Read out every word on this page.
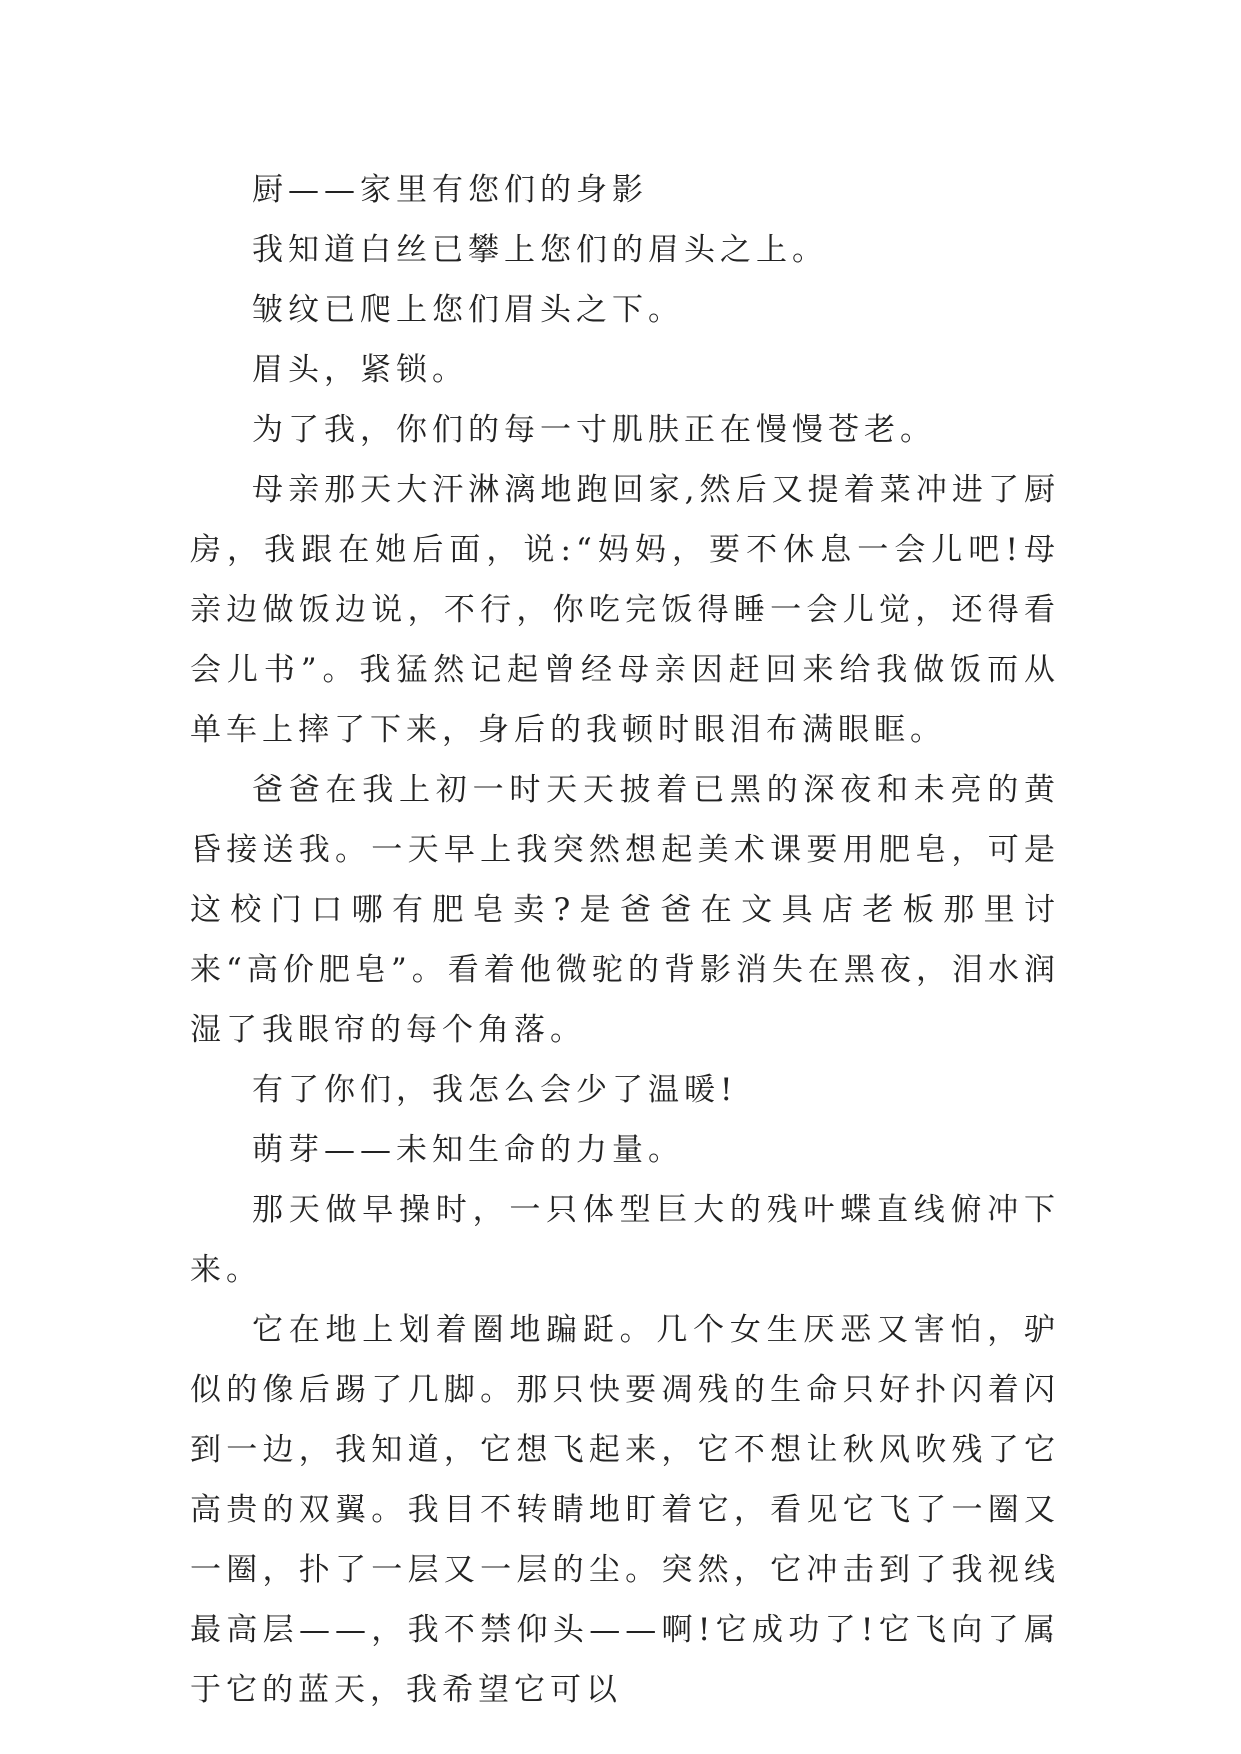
厨——家里有您们的身影

我知道白丝已攀上您们的眉头之上。

皱纹已爬上您们眉头之下。

眉头，紧锁。

为了我，你们的每一寸肌肤正在慢慢苍老。

母亲那天大汗淋漓地跑回家,然后又提着菜冲进了厨房，我跟在她后面，说:“妈妈，要不休息一会儿吧!母亲边做饭边说，不行，你吃完饭得睡一会儿觉，还得看会儿书”。我猛然记起曾经母亲因赶回来给我做饭而从单车上摔了下来，身后的我顿时眼泪布满眼眶。

爸爸在我上初一时天天披着已黑的深夜和未亮的黄昏接送我。一天早上我突然想起美术课要用肥皂，可是这校门口哪有肥皂卖?是爸爸在文具店老板那里讨来“高价肥皂”。看着他微驼的背影消失在黑夜，泪水润湿了我眼帘的每个角落。

有了你们，我怎么会少了温暖!

萌芽——未知生命的力量。

那天做早操时，一只体型巨大的残叶蝶直线俯冲下来。

它在地上划着圈地蹁跹。几个女生厌恶又害怕，驴似的像后踢了几脚。那只快要凋残的生命只好扑闪着闪到一边，我知道，它想飞起来，它不想让秋风吹残了它高贵的双翼。我目不转睛地盯着它，看见它飞了一圈又一圈，扑了一层又一层的尘。突然，它冲击到了我视线最高层——，我不禁仰头——啊!它成功了!它飞向了属于它的蓝天，我希望它可以
